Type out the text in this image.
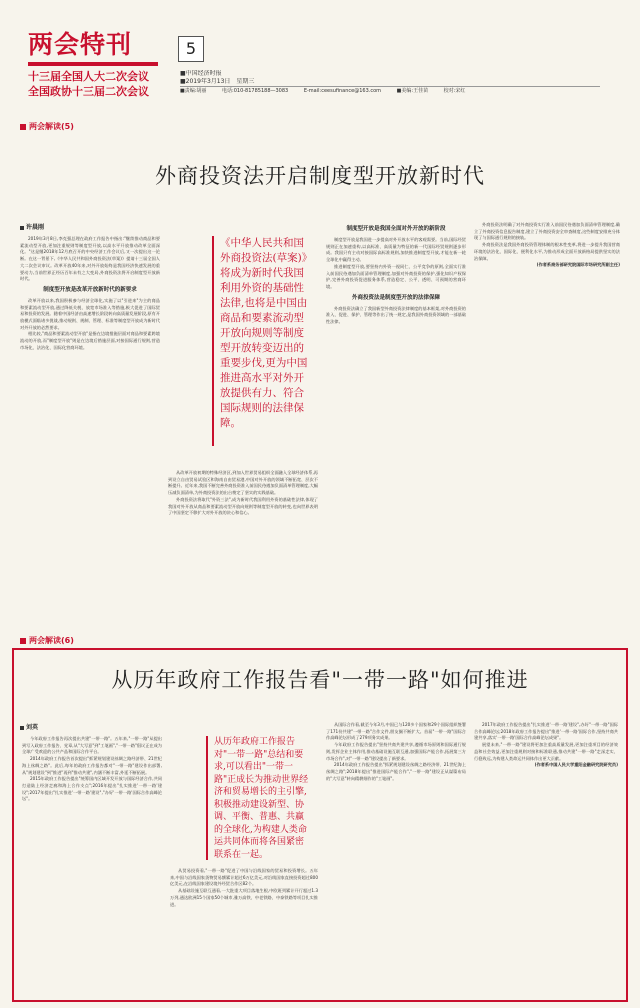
两会特刊
十三届全国人大二次会议
全国政协十三届二次会议
5
■中国经济时报
■2019年3月13日　星期三
■责编:胡丽	电话:010-81785188—3083	E-mail:ceesufinance@163.com	■美编:王佳苗	校对:宋红
两会解读(5)
外商投资法开启制度型开放新时代
许晨刚

2019年3月8日,李克强总理在政府工作报告中指出:"继续推动商品和要素流动型开放,更加注重规则等制度型开放,以高水平开放推动改革全面深化。"这是继2018年12月底召开的中央经济工作会议后,又一次提出这一论断。在这一背景下,《中华人民共和国外商投资法(草案)》提请十三届全国人大二次会议审议。改革开放40年来,对外开放始终是我国经济快速发展的重要动力,当前世界正经历百年未有之大变局,外商投资法将开启制度型开放新时代。

制度型开放是改革开放新时代的新要求

改革开放以来,我国积极参与经济全球化,实施了以"引进来"为主的商品和要素流动型开放,通过降低关税、放宽市场准入等措施,极大促进了国际贸易和投资的发展。随着中国经济由高速增长阶段转向高质量发展阶段,原有开放模式面临诸多挑战,推动规则、规制、管理、标准等制度型开放成为新时代对外开放的必然要求。

相比较,"商品和要素流动型开放"是指在边境措施层面对商品和要素跨境流动的开放,而"制度型开放"则是在边境后措施层面,对接国际通行规则,营造市场化、法治化、国际化营商环境。

《中华人民共和国外商投资法(草案)》将成为新时代我国利用外资的基础性法律,也将是中国由商品和要素流动型开放向规则等制度型开放转变迈出的重要步伐,更为中国推进高水平对外开放提供有力、符合国际规则的法律保障。

从改革开放初期的特殊经济区,到加入世界贸易组织全面融入全球经济体系,再到设立自由贸易试验区和海南自由贸易港,中国对外开放的领域不断拓宽、层次不断提升。近年来,我国不断完善外商投资准入前国民待遇加负面清单管理制度,大幅压减负面清单,为外商投资法的出台奠定了坚实的实践基础。

外商投资法将取代"外资三法",成为新时代我国利用外资的基础性法律,体现了我国对外开放从商品和要素流动型开放向规则等制度型开放的转变,也向世界表明了中国坚定不移扩大对外开放的决心和信心。

制度型开放是我国全面对外开放的新阶段

制度型开放是我国进一步提高对外开放水平的客观需要。当前,国际经贸规则正在加速重构,以高标准、高质量为特征的新一代国际经贸规则逐步形成。我国只有主动对接国际高标准规则,加快推进制度型开放,才能在新一轮全球化中赢得主动。

推进制度型开放,要坚持内外资一视同仁、公平竞争的原则,全面实行准入前国民待遇加负面清单管理制度,加强对外商投资的保护,强化知识产权保护,完善外商投资促进服务体系,营造稳定、公平、透明、可预期的营商环境。

外商投资法是制度型开放的法律保障

外商投资法确立了我国新型外商投资法律制度的基本框架,对外商投资的准入、促进、保护、管理等作出了统一规定,是我国外商投资领域的一部基础性法律。

外商投资法明确了对外商投资实行准入前国民待遇加负面清单管理制度,确立了外商投资信息报告制度,建立了外商投资安全审查制度,这些制度安排充分体现了与国际通行规则的接轨。

外商投资法是我国外商投资管理体制的根本性变革,将进一步提升我国营商环境的法治化、国际化、便利化水平,为推动形成全面开放新格局提供坚实的法治保障。

(作者系商务部研究院国际市场研究所副主任)

两会解读(6)
从历年政府工作报告看"一带一路"如何推进
刘英

今年政府工作报告再次提出共建"一带一路"。五年来,"一带一路"从提出到写入政府工作报告、党章,从"大写意"到"工笔画","一带一路"倡议正在成为全球广受欢迎的公共产品和国际合作平台。

2014年政府工作报告首次提出"抓紧规划建设丝绸之路经济带、21世纪海上丝绸之路"。此后,每年的政府工作报告都对"一带一路"建设作出部署,从"规划建设"到"推进"再到"推动共建",内涵不断丰富,外延不断拓展。

2015年政府工作报告提出"统筹国内区域开发开放与国际经济合作,共同打造陆上经济走廊和海上合作支点";2016年提出"扎实推进'一带一路'建设";2017年提出"扎实推进'一带一路'建设","办好'一带一路'国际合作高峰论坛"。

从历年政府工作报告对"一带一路"总结和要求,可以看出"一带一路"正成长为推动世界经济和贸易增长的主引擎,积极推动建设新型、协调、平衡、普惠、共赢的全球化,为构建人类命运共同体而将各国紧密联系在一起。

从贸易投资看,"一带一路"促进了中国与沿线国家的贸易和投资增长。五年来,中国与沿线国家货物贸易额累计超过6万亿美元,对沿线国家直接投资超过800亿美元,在沿线国家建设境外经贸合作区82个。

从基础设施互联互通看,一大批重大项目落地生根,中欧班列累计开行超过1.3万列,通达欧洲15个国家50个城市,雅万高铁、中老铁路、中泰铁路等项目扎实推进。

从国际合作看,截至今年3月,中国已与120多个国家和29个国际组织签署了171份共建"一带一路"合作文件,朋友圈不断扩大。首届"一带一路"国际合作高峰论坛形成了279项务实成果。

今年政府工作报告提出"坚持共商共建共享,遵循市场原则和国际通行规则,发挥企业主体作用,推动基础设施互联互通,加强国际产能合作,拓展第三方市场合作",对"一带一路"建设提出了新要求。

2014年政府工作报告提出"抓紧规划建设丝绸之路经济带、21世纪海上丝绸之路";2018年提出"推进国际产能合作","一带一路"建设正从谋篇布局的"大写意"转向精耕细作的"工笔画"。

2017年政府工作报告提出"扎实推进'一带一路'建设",办好"一带一路"国际合作高峰论坛;2018年政府工作报告提出"推进'一带一路'国际合作,坚持共商共建共享,落实'一带一路'国际合作高峰论坛成果"。

展望未来,"一带一路"建设将更加注重高质量发展,更加注重项目的经济效益和社会效益,更加注重规则对接和标准联通,推动共建"一带一路"走深走实、行稳致远,为构建人类命运共同体作出更大贡献。

(作者系中国人民大学重阳金融研究院研究员)
